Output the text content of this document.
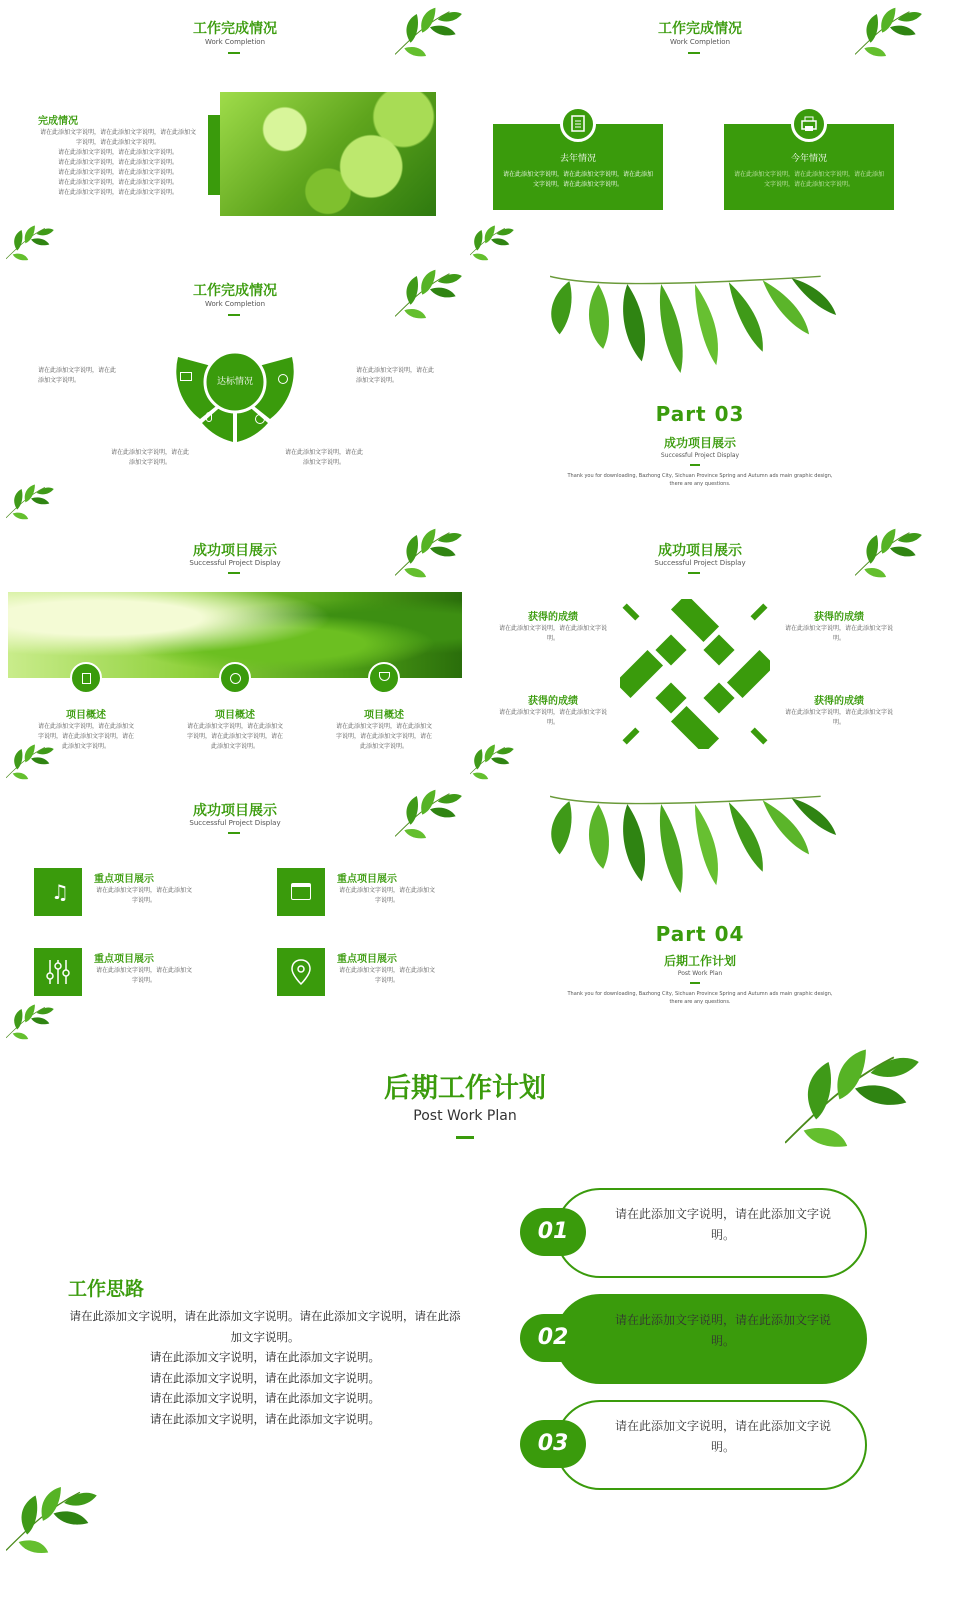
工作完成情况
Work Completion
完成情况
请在此添加文字说明，请在此添加文字说明，请在此添加文
字说明，请在此添加文字说明。
请在此添加文字说明，请在此添加文字说明。
请在此添加文字说明，请在此添加文字说明。
请在此添加文字说明，请在此添加文字说明。
请在此添加文字说明，请在此添加文字说明。
请在此添加文字说明，请在此添加文字说明。
工作完成情况
Work Completion
去年情况
请在此添加文字说明，请在此添加文字说明，请在此添加文字说明，请在此添加文字说明。
今年情况
请在此添加文字说明，请在此添加文字说明，请在此添加文字说明，请在此添加文字说明。
工作完成情况
Work Completion
达标情况
请在此添加文字说明，请在此添加文字说明。
请在此添加文字说明，请在此添加文字说明。
请在此添加文字说明，请在此添加文字说明。
请在此添加文字说明，请在此添加文字说明。
Part 03
成功项目展示
Successful Project Display
Thank you for downloading, Bazhong City, Sichuan Province Spring and Autumn ads main graphic design, there are any questions.
成功项目展示
Successful Project Display
项目概述
请在此添加文字说明，请在此添加文字说明，请在此添加文字说明，请在此添加文字说明。
项目概述
请在此添加文字说明，请在此添加文字说明，请在此添加文字说明，请在此添加文字说明。
项目概述
请在此添加文字说明，请在此添加文字说明，请在此添加文字说明，请在此添加文字说明。
成功项目展示
Successful Project Display
获得的成绩
请在此添加文字说明，请在此添加文字说明。
获得的成绩
请在此添加文字说明，请在此添加文字说明。
获得的成绩
请在此添加文字说明，请在此添加文字说明。
获得的成绩
请在此添加文字说明，请在此添加文字说明。
成功项目展示
Successful Project Display
♫
重点项目展示
请在此添加文字说明，请在此添加文字说明。
重点项目展示
请在此添加文字说明，请在此添加文字说明。
重点项目展示
请在此添加文字说明，请在此添加文字说明。
重点项目展示
请在此添加文字说明，请在此添加文字说明。
Part 04
后期工作计划
Post Work Plan
Thank you for downloading, Bazhong City, Sichuan Province Spring and Autumn ads main graphic design, there are any questions.
后期工作计划
Post Work Plan
工作思路
请在此添加文字说明，请在此添加文字说明。请在此添加文字说明，请在此添
加文字说明。
请在此添加文字说明，请在此添加文字说明。
请在此添加文字说明，请在此添加文字说明。
请在此添加文字说明，请在此添加文字说明。
请在此添加文字说明，请在此添加文字说明。
01
请在此添加文字说明，请在此添加文字说明。
02
请在此添加文字说明，请在此添加文字说明。
03
请在此添加文字说明，请在此添加文字说明。
